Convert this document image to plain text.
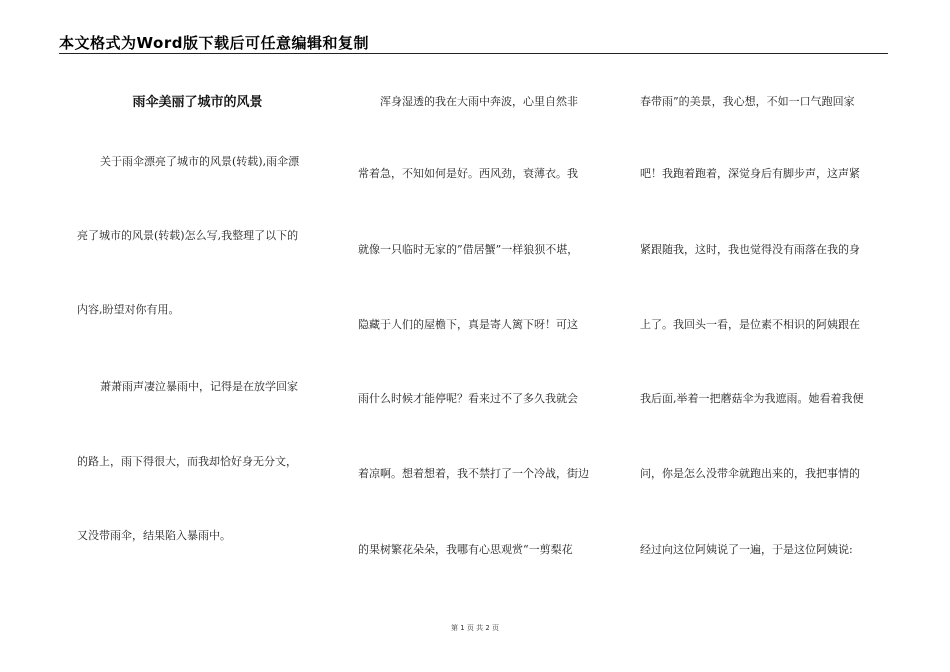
本文格式为Word版下载后可任意编辑和复制
雨伞美丽了城市的风景
关于雨伞漂亮了城市的风景(转载),雨伞漂
亮了城市的风景(转载)怎么写,我整理了以下的
内容,盼望对你有用。
萧萧雨声凄泣暴雨中，记得是在放学回家
的路上，雨下得很大，而我却恰好身无分文，
又没带雨伞，结果陷入暴雨中。
浑身湿透的我在大雨中奔波，心里自然非
常着急，不知如何是好。西风劲，衰薄衣。我
就像一只临时无家的”借居蟹”一样狼狈不堪，
隐藏于人们的屋檐下，真是寄人篱下呀！可这
雨什么时候才能停呢？看来过不了多久我就会
着凉啊。想着想着，我不禁打了一个冷战，街边
的果树繁花朵朵，我哪有心思观赏“一剪梨花
春带雨”的美景，我心想，不如一口气跑回家
吧！我跑着跑着，深觉身后有脚步声，这声紧
紧跟随我，这时，我也觉得没有雨落在我的身
上了。我回头一看，是位素不相识的阿姨跟在
我后面,举着一把蘑菇伞为我遮雨。她看着我便
问，你是怎么没带伞就跑出来的，我把事情的
经过向这位阿姨说了一遍，于是这位阿姨说:
第 1 页 共 2 页
